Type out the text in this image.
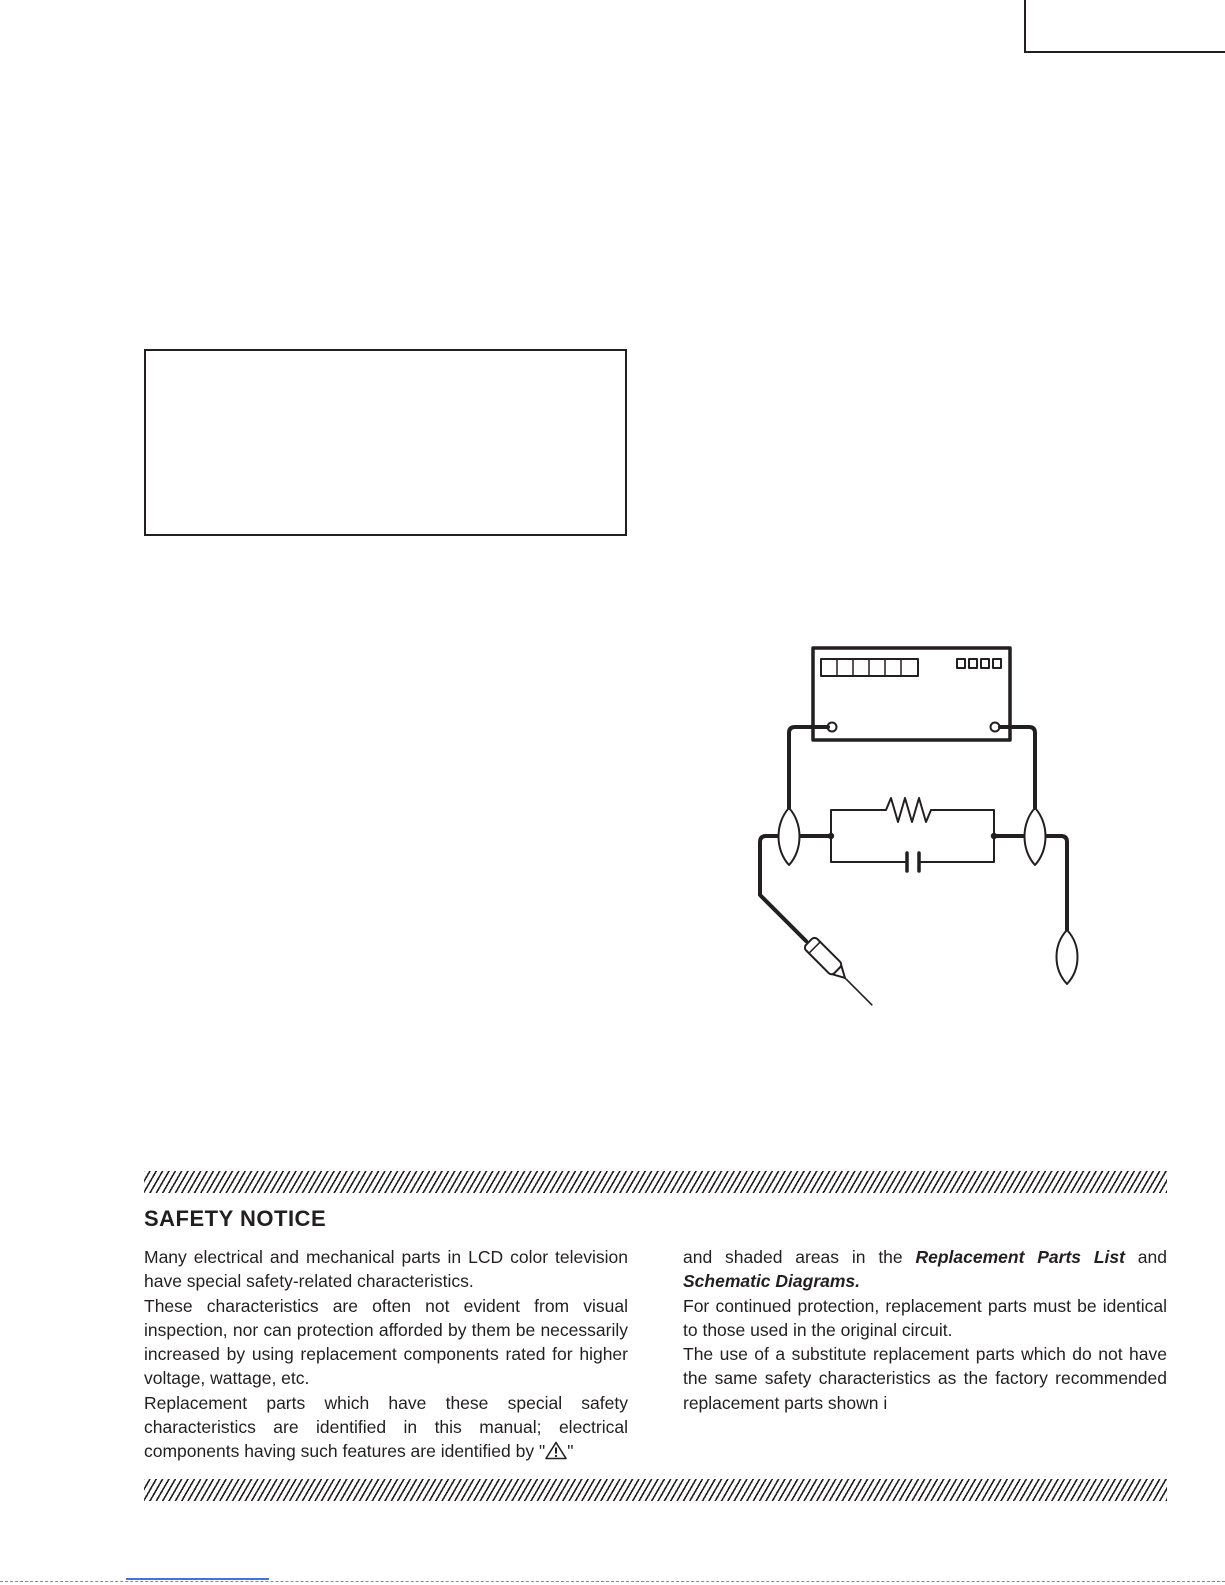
SAFETY NOTICE

Many electrical and mechanical parts in LCD color television have special safety-related characteristics.

These characteristics are often not evident from visual inspection, nor can protection afforded by them be necessarily increased by using replacement components rated for higher voltage, wattage, etc.

Replacement parts which have these special safety characteristics are identified in this manual; electrical components having such features are identified by " "

and shaded areas in the Replacement Parts List and Schematic Diagrams.

For continued protection, replacement parts must be identical to those used in the original circuit.

The use of a substitute replacement parts which do not have the same safety characteristics as the factory recommended replacement parts shown i
